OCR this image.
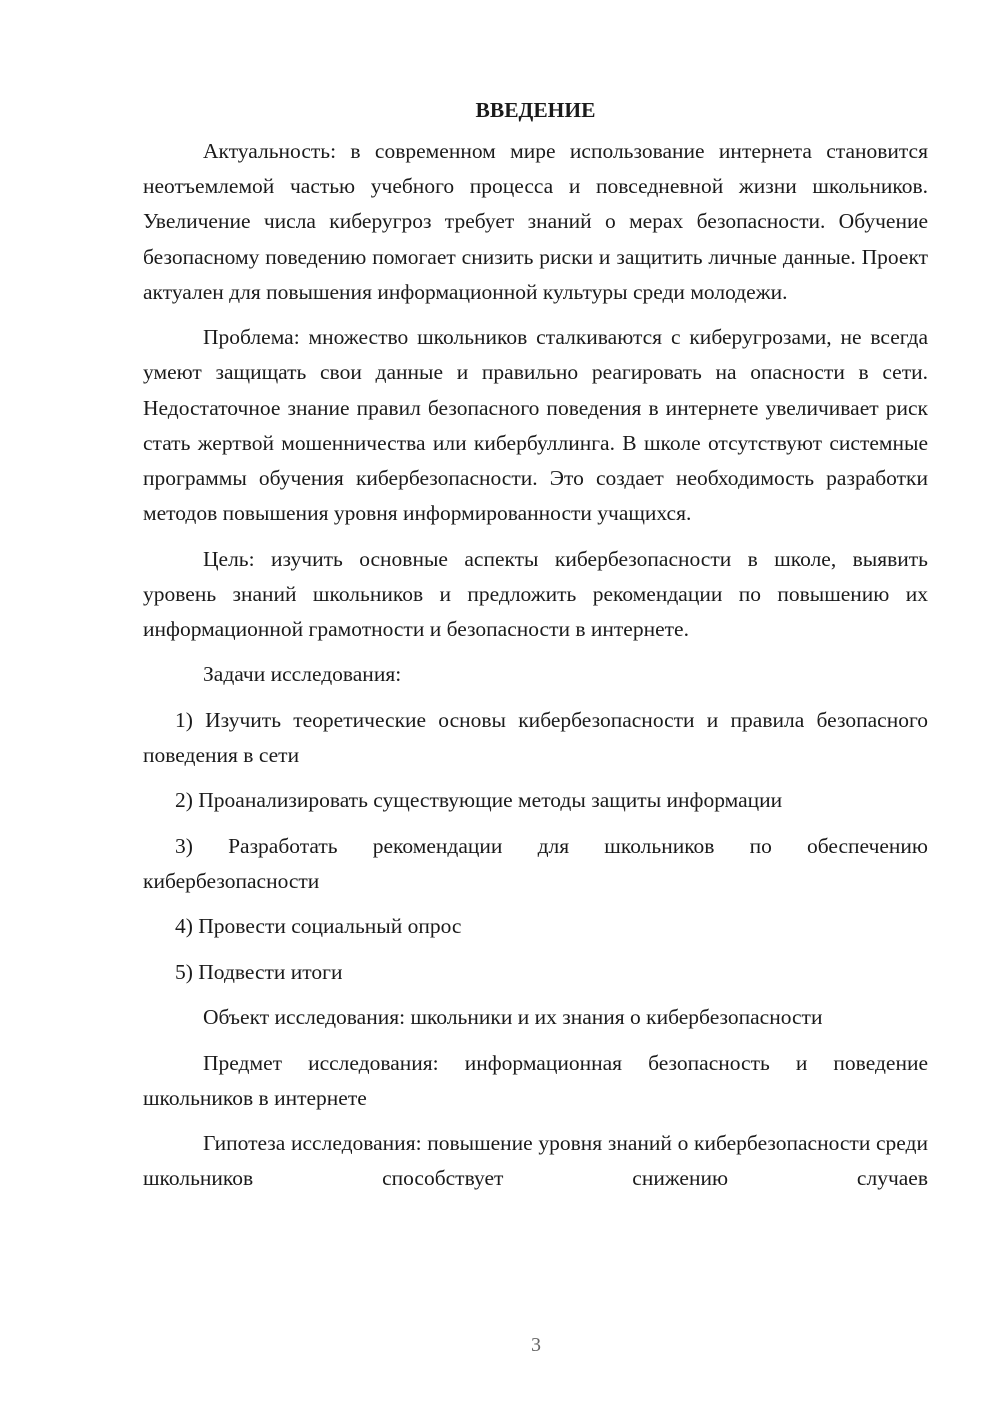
ВВЕДЕНИЕ

Актуальность: в современном мире использование интернета становится неотъемлемой частью учебного процесса и повседневной жизни школьников. Увеличение числа киберугроз требует знаний о мерах безопасности. Обучение безопасному поведению помогает снизить риски и защитить личные данные. Проект актуален для повышения информационной культуры среди молодежи.

Проблема: множество школьников сталкиваются с киберугрозами, не всегда умеют защищать свои данные и правильно реагировать на опасности в сети. Недостаточное знание правил безопасного поведения в интернете увеличивает риск стать жертвой мошенничества или кибербуллинга. В школе отсутствуют системные программы обучения кибербезопасности. Это создает необходимость разработки методов повышения уровня информированности учащихся.

Цель: изучить основные аспекты кибербезопасности в школе, выявить уровень знаний школьников и предложить рекомендации по повышению их информационной грамотности и безопасности в интернете.

Задачи исследования:

1) Изучить теоретические основы кибербезопасности и правила безопасного поведения в сети

2) Проанализировать существующие методы защиты информации

3) Разработать рекомендации для школьников по обеспечению кибербезопасности

4) Провести социальный опрос

5) Подвести итоги

Объект исследования: школьники и их знания о кибербезопасности

Предмет исследования: информационная безопасность и поведение школьников в интернете

Гипотеза исследования: повышение уровня знаний о кибербезопасности среди школьников способствует снижению случаев

3
